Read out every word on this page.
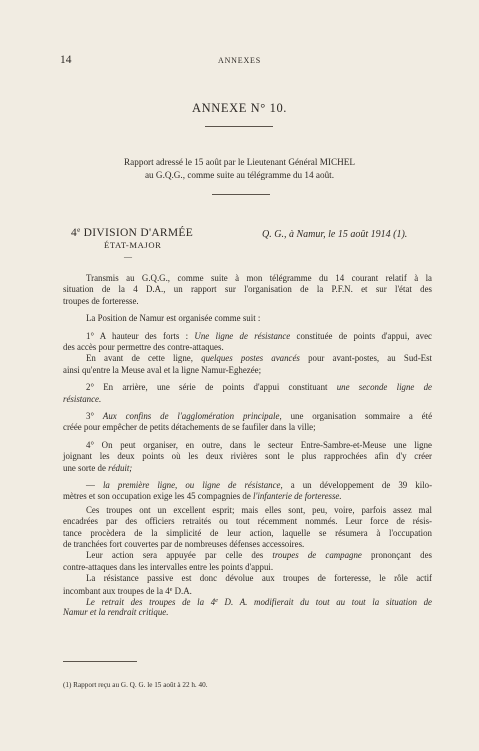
14	ANNEXES
ANNEXE N° 10.
Rapport adressé le 15 août par le Lieutenant Général MICHEL
au G.Q.G., comme suite au télégramme du 14 août.
4e DIVISION D'ARMÉE
ÉTAT-MAJOR
—
Q. G., à Namur, le 15 août 1914 (1).
Transmis au G.Q.G., comme suite à mon télégramme du 14 courant relatif à la
situation de la 4 D.A., un rapport sur l'organisation de la P.F.N. et sur l'état des
troupes de forteresse.
La Position de Namur est organisée comme suit :
1° A hauteur des forts : Une ligne de résistance constituée de points d'appui, avec
des accès pour permettre des contre-attaques.
En avant de cette ligne, quelques postes avancés pour avant-postes, au Sud-Est
ainsi qu'entre la Meuse aval et la ligne Namur-Eghezée;
2° En arrière, une série de points d'appui constituant une seconde ligne de
résistance.
3° Aux confins de l'agglomération principale, une organisation sommaire a été
créée pour empêcher de petits détachements de se faufiler dans la ville;
4° On peut organiser, en outre, dans le secteur Entre-Sambre-et-Meuse une ligne
joignant les deux points où les deux rivières sont le plus rapprochées afin d'y créer
une sorte de réduit;
— la première ligne, ou ligne de résistance, a un développement de 39 kilo-
mètres et son occupation exige les 45 compagnies de l'infanterie de forteresse.
Ces troupes ont un excellent esprit; mais elles sont, peu, voire, parfois assez mal
encadrées par des officiers retraités ou tout récemment nommés. Leur force de résis-
tance procèdera de la simplicité de leur action, laquelle se résumera à l'occupation
de tranchées fort couvertes par de nombreuses défenses accessoires.
Leur action sera appuyée par celle des troupes de campagne prononçant des
contre-attaques dans les intervalles entre les points d'appui.
La résistance passive est donc dévolue aux troupes de forteresse, le rôle actif
incombant aux troupes de la 4e D.A.
Le retrait des troupes de la 4e D. A. modifierait du tout au tout la situation de
Namur et la rendrait critique.
(1) Rapport reçu au G. Q. G. le 15 août à 22 h. 40.
